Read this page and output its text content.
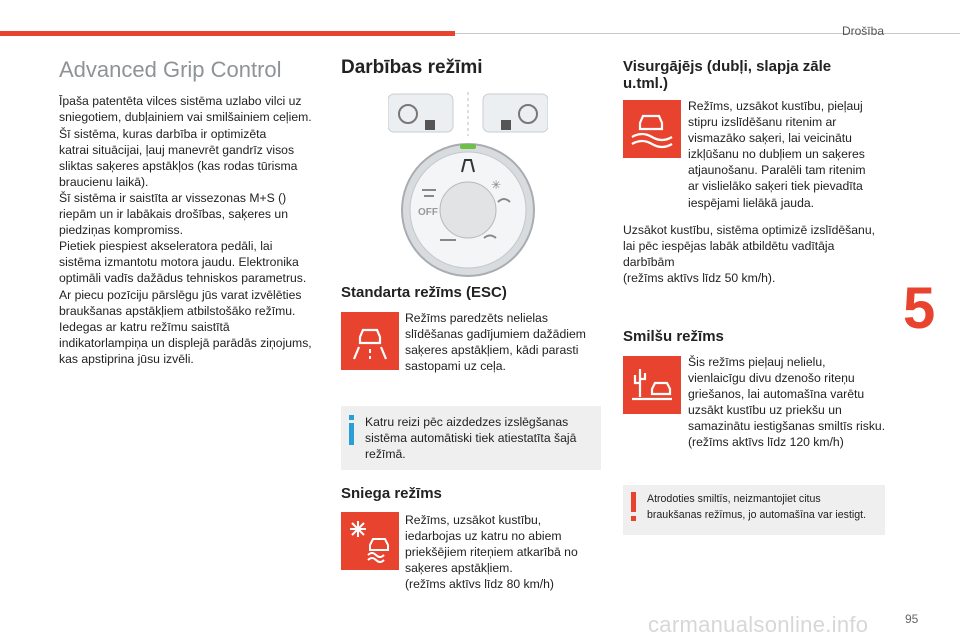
Drošība
5
carmanualsonline.info	95
Advanced Grip Control
Īpaša patentēta vilces sistēma uzlabo vilci uz
sniegotiem, dubļainiem vai smilšainiem ceļiem.
Šī sistēma, kuras darbība ir optimizēta
katrai situācijai, ļauj manevrēt gandrīz visos
sliktas saķeres apstākļos (kas rodas tūrisma
braucienu laikā).
Šī sistēma ir saistīta ar vissezonas M+S ()
riepām un ir labākais drošības, saķeres un
piedziņas kompromiss.
Pietiek piespiest akseleratora pedāli, lai
sistēma izmantotu motora jaudu. Elektronika
optimāli vadīs dažādus tehniskos parametrus.
Ar piecu pozīciju pārslēgu jūs varat izvēlēties
braukšanas apstākļiem atbilstošāko režīmu.
Iedegas ar katru režīmu saistītā
indikatorlampiņa un displejā parādās ziņojums,
kas apstiprina jūsu izvēli.
Darbības režīmi
✳
OFF
Standarta režīms (ESC)
Režīms paredzēts nelielas
slīdēšanas gadījumiem dažādiem
saķeres apstākļiem, kādi parasti
sastopami uz ceļa.
Katru reizi pēc aizdedzes izslēgšanas
sistēma automātiski tiek atiestatīta šajā
režīmā.
Sniega režīms
Režīms, uzsākot kustību,
iedarbojas uz katru no abiem
priekšējiem riteņiem atkarībā no
saķeres apstākļiem.
(režīms aktīvs līdz 80 km/h)
Visurgājējs (dubļi, slapja zāle
u.tml.)
Režīms, uzsākot kustību, pieļauj
stipru izslīdēšanu ritenim ar
vismazāko saķeri, lai veicinātu
izkļūšanu no dubļiem un saķeres
atjaunošanu. Paralēli tam ritenim
ar vislielāko saķeri tiek pievadīta
iespējami lielākā jauda.
Uzsākot kustību, sistēma optimizē izslīdēšanu,
lai pēc iespējas labāk atbildētu vadītāja
darbībām
(režīms aktīvs līdz 50 km/h).
Smilšu režīms
Šis režīms pieļauj nelielu,
vienlaicīgu divu dzenošo riteņu
griešanos, lai automašīna varētu
uzsākt kustību uz priekšu un
samazinātu iestigšanas smiltīs risku.
(režīms aktīvs līdz 120 km/h)
Atrodoties smiltīs, neizmantojiet citus
braukšanas režīmus, jo automašīna var iestigt.
